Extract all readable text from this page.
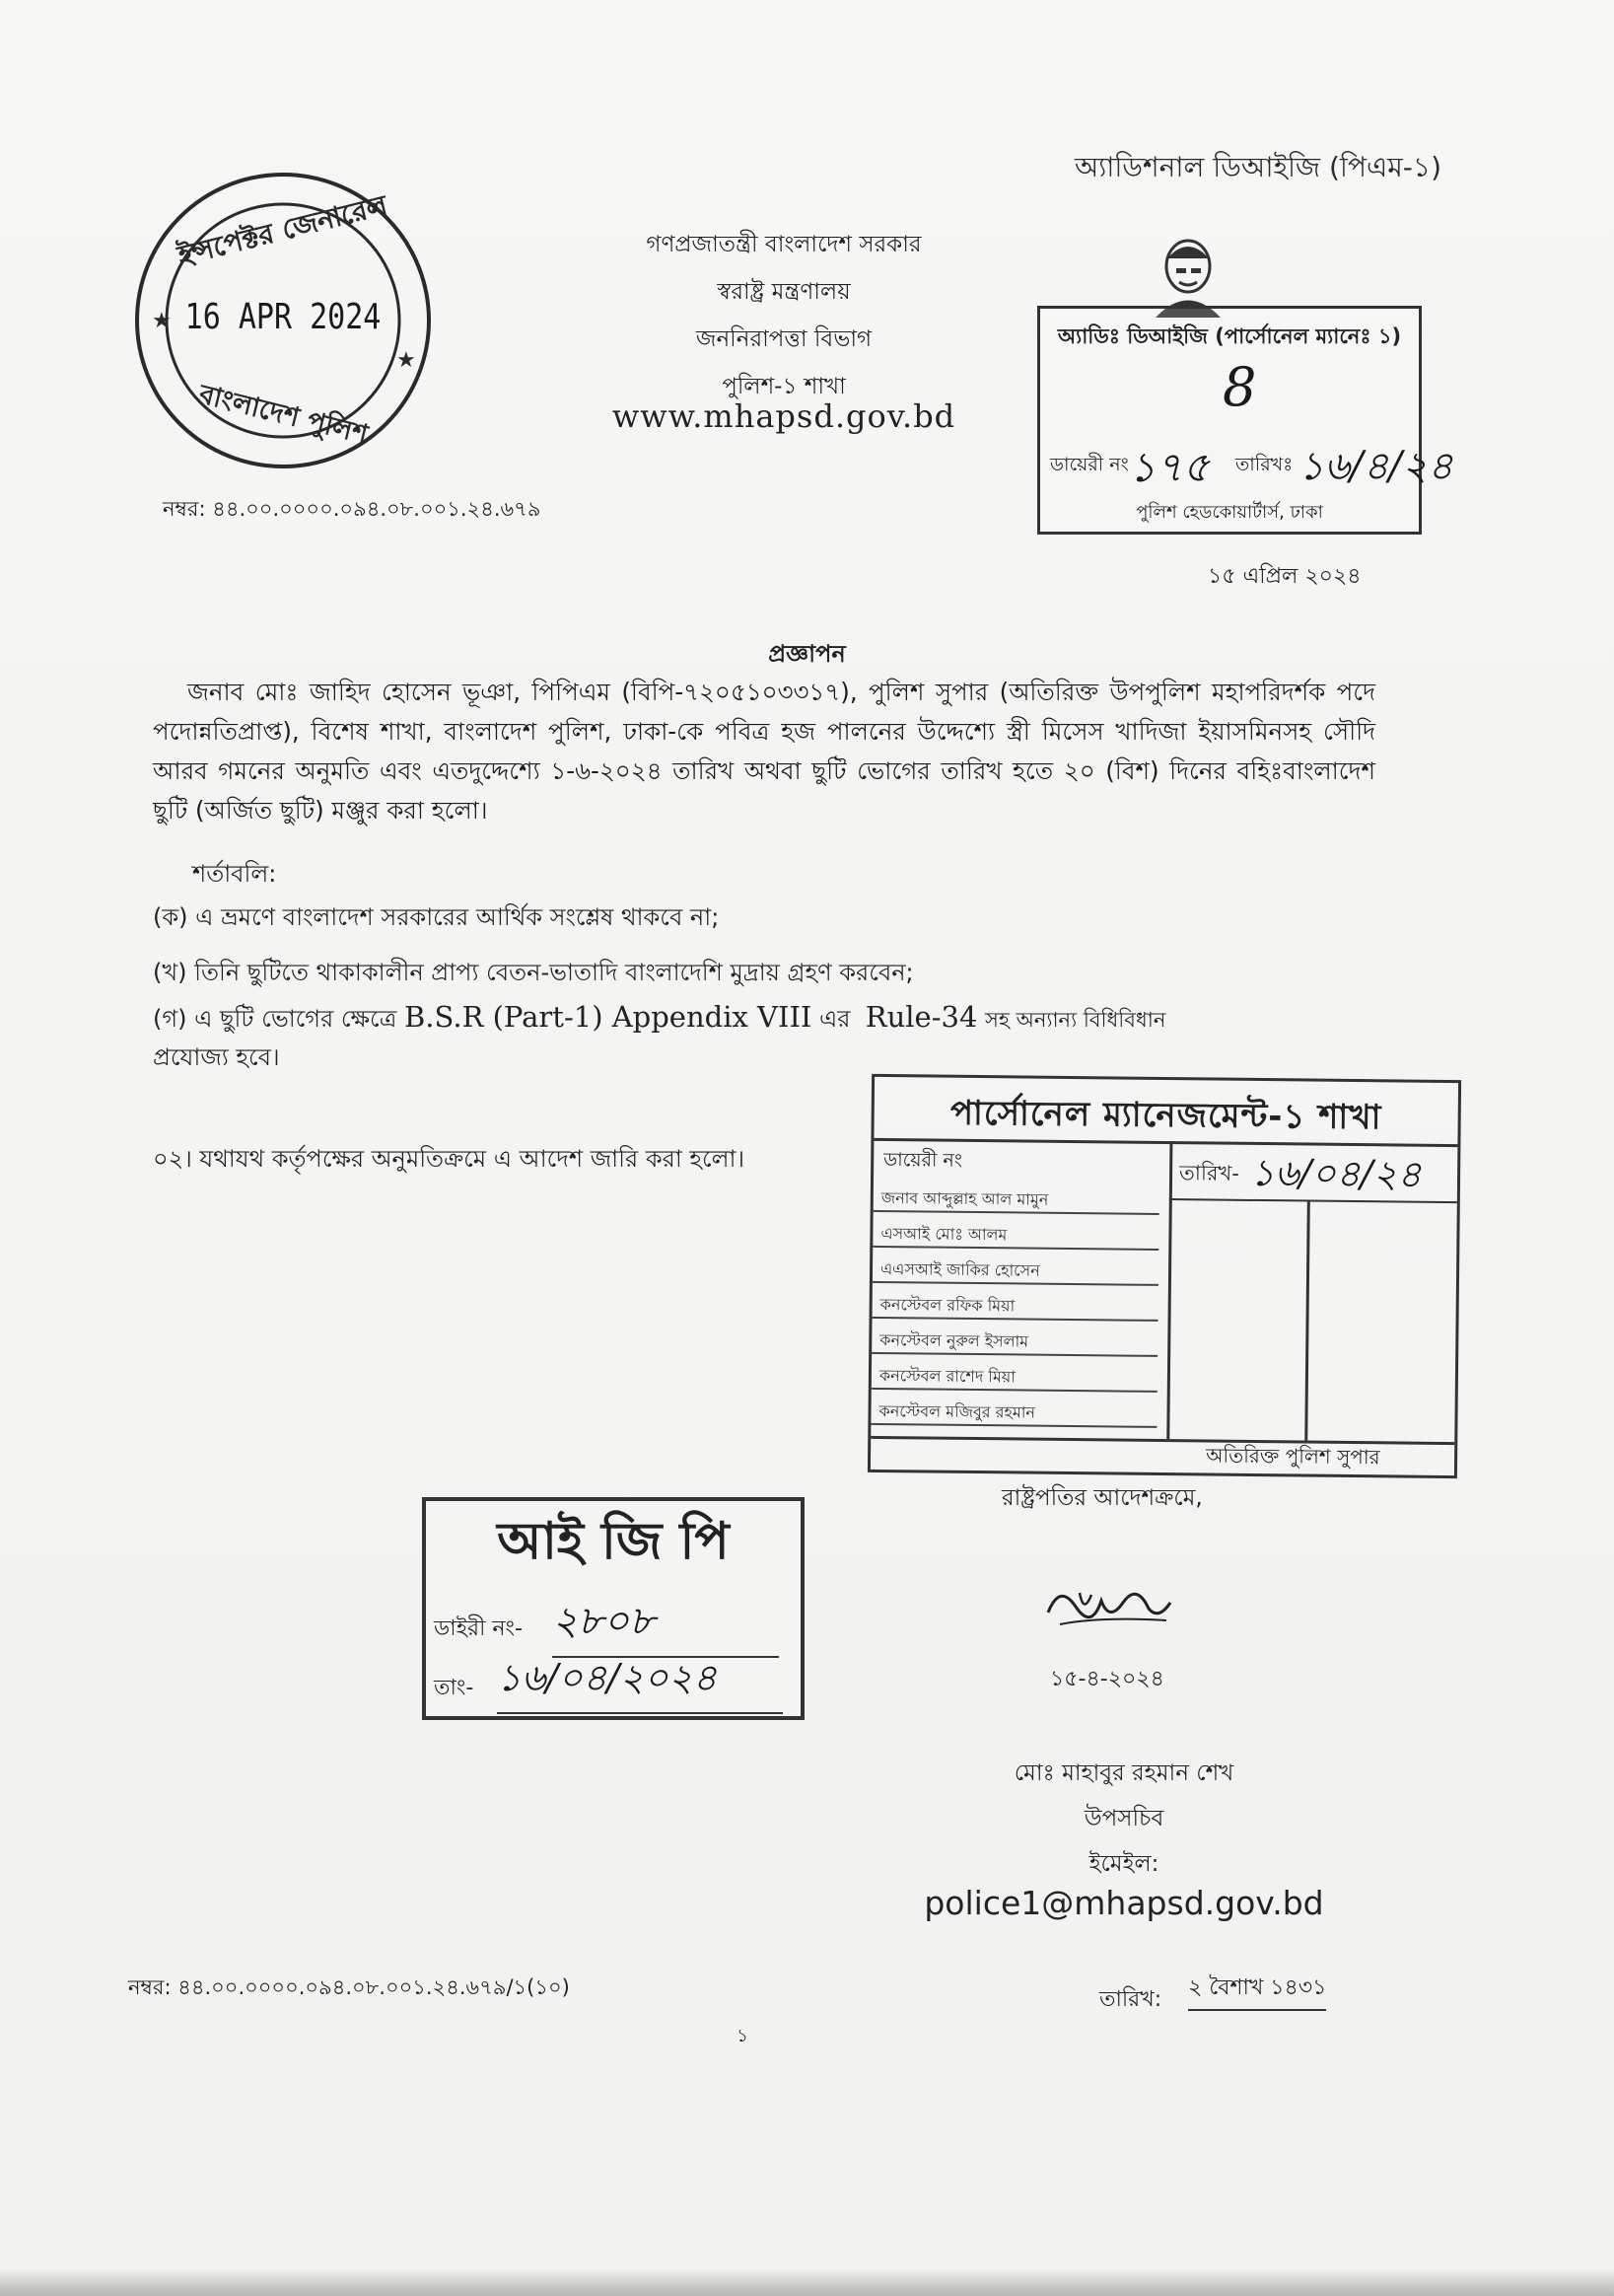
অ্যাডিশনাল ডিআইজি (পিএম-১)
গণপ্রজাতন্ত্রী বাংলাদেশ সরকার
স্বরাষ্ট্র মন্ত্রণালয়
জননিরাপত্তা বিভাগ
পুলিশ-১ শাখা
www.mhapsd.gov.bd
★
★
ইন্সপেক্টর জেনারেল
16 APR 2024
বাংলাদেশ পুলিশ
অ্যাডিঃ ডিআইজি (পার্সোনেল ম্যানেঃ ১)
8
ডায়েরী নং ১৭৫ তারিখঃ ১৬/৪/২৪
পুলিশ হেডকোয়ার্টার্স, ঢাকা
নম্বর: ৪৪.০০.০০০০.০৯৪.০৮.০০১.২৪.৬৭৯
১৫ এপ্রিল ২০২৪
প্রজ্ঞাপন
জনাব মোঃ জাহিদ হোসেন ভূঞা, পিপিএম (বিপি-৭২০৫১০৩৩১৭), পুলিশ সুপার (অতিরিক্ত উপপুলিশ মহাপরিদর্শক পদে পদোন্নতিপ্রাপ্ত), বিশেষ শাখা, বাংলাদেশ পুলিশ, ঢাকা-কে পবিত্র হজ পালনের উদ্দেশ্যে স্ত্রী মিসেস খাদিজা ইয়াসমিনসহ সৌদি আরব গমনের অনুমতি এবং এতদুদ্দেশ্যে ১-৬-২০২৪ তারিখ অথবা ছুটি ভোগের তারিখ হতে ২০ (বিশ) দিনের বহিঃবাংলাদেশ ছুটি (অর্জিত ছুটি) মঞ্জুর করা হলো।
শর্তাবলি:
(ক) এ ভ্রমণে বাংলাদেশ সরকারের আর্থিক সংশ্লেষ থাকবে না;
(খ) তিনি ছুটিতে থাকাকালীন প্রাপ্য বেতন-ভাতাদি বাংলাদেশি মুদ্রায় গ্রহণ করবেন;
(গ) এ ছুটি ভোগের ক্ষেত্রে B.S.R (Part-1) Appendix VIII এর Rule-34 সহ অন্যান্য বিধিবিধান
প্রযোজ্য হবে।
০২। যথাযথ কর্তৃপক্ষের অনুমতিক্রমে এ আদেশ জারি করা হলো।
পার্সোনেল ম্যানেজমেন্ট-১ শাখা
ডায়েরী নং
তারিখ- ১৬/০৪/২৪
জনাব আব্দুল্লাহ আল মামুন
এসআই মোঃ আলম
এএসআই জাকির হোসেন
কনস্টেবল রফিক মিয়া
কনস্টেবল নুরুল ইসলাম
কনস্টেবল রাশেদ মিয়া
কনস্টেবল মজিবুর রহমান
অতিরিক্ত পুলিশ সুপার
রাষ্ট্রপতির আদেশক্রমে,
আই জি পি
ডাইরী নং- ২৮০৮
তাং- ১৬/০৪/২০২৪	১৫-৪-২০২৪
মোঃ মাহাবুর রহমান শেখ
উপসচিব
ইমেইল:
police1@mhapsd.gov.bd
নম্বর: ৪৪.০০.০০০০.০৯৪.০৮.০০১.২৪.৬৭৯/১(১০)	তারিখ: ২ বৈশাখ ১৪৩১
১
